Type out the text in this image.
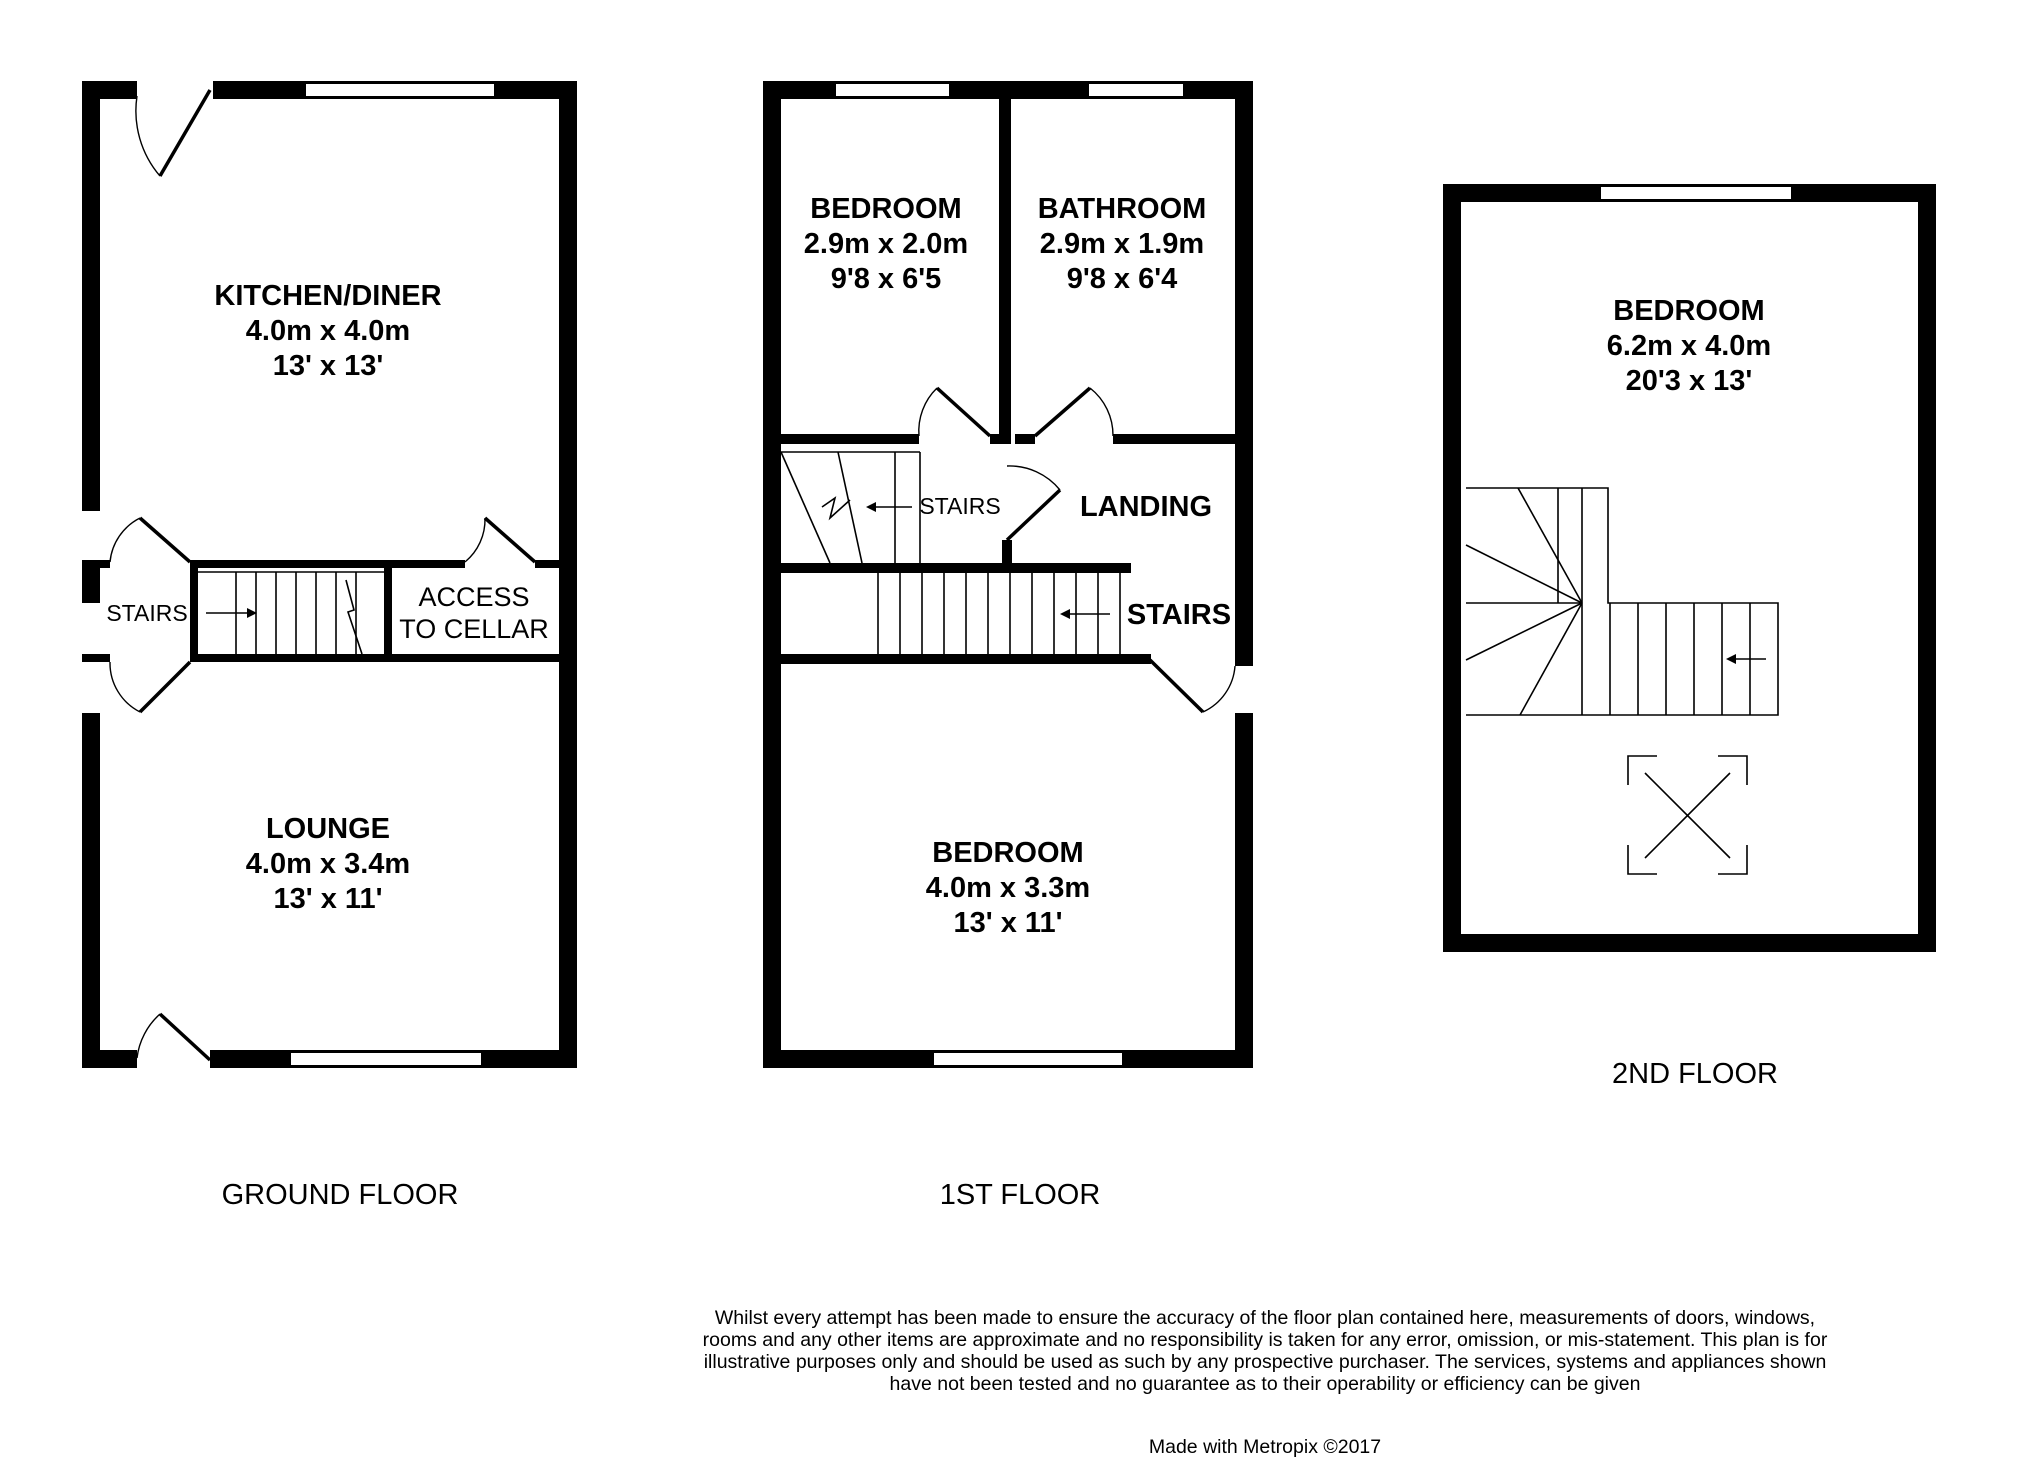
KITCHEN/DINER
4.0m x 4.0m
13' x 13'
STAIRS
ACCESS
TO CELLAR
LOUNGE
4.0m x 3.4m
13' x 11'
GROUND FLOOR
BEDROOM
2.9m x 2.0m
9'8 x 6'5
BATHROOM
2.9m x 1.9m
9'8 x 6'4
STAIRS	LANDING
STAIRS
BEDROOM
4.0m x 3.3m
13' x 11'
1ST FLOOR
BEDROOM
6.2m x 4.0m
20'3 x 13'
2ND FLOOR
Whilst every attempt has been made to ensure the accuracy of the floor plan contained here, measurements of doors, windows, rooms and any other items are approximate and no responsibility is taken for any error, omission, or mis-statement. This plan is for illustrative purposes only and should be used as such by any prospective purchaser. The services, systems and appliances shown have not been tested and no guarantee as to their operability or efficiency can be given
Made with Metropix ©2017
